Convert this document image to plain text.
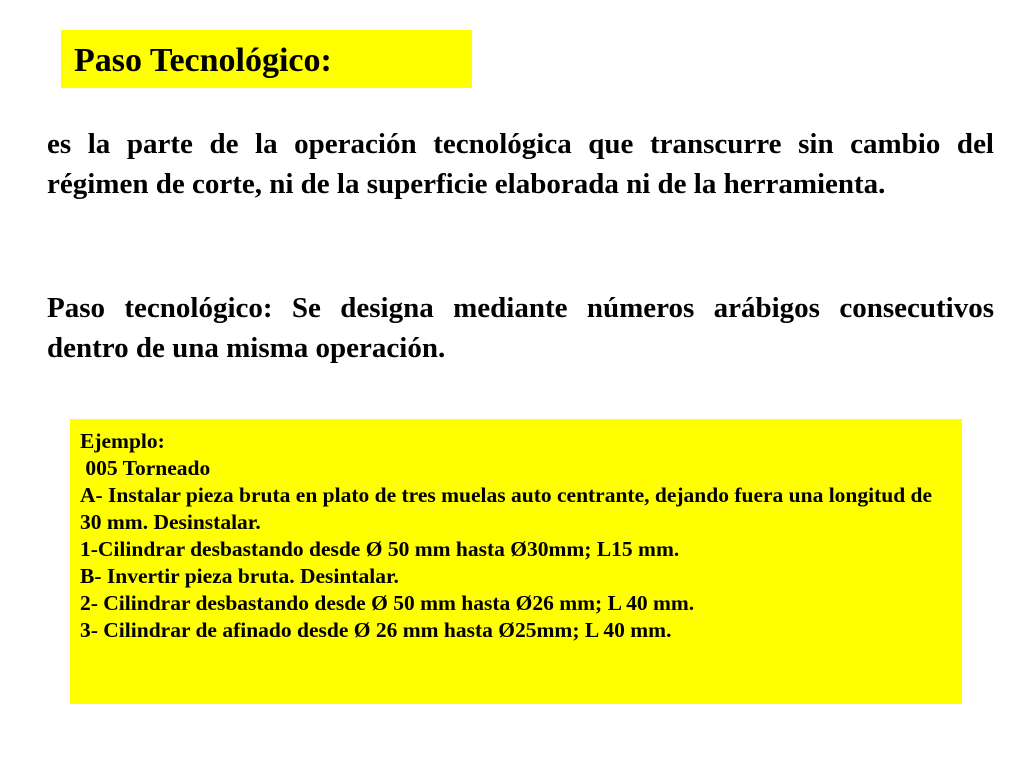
Paso Tecnológico:

es la parte de la operación tecnológica que transcurre sin cambio del régimen de corte, ni de la superficie elaborada ni de la herramienta.

Paso tecnológico: Se designa mediante números arábigos consecutivos dentro de una misma operación.

Ejemplo:
005 Torneado
A- Instalar pieza bruta en plato de tres muelas auto centrante, dejando fuera una longitud de 30 mm. Desinstalar.
1-Cilindrar desbastando desde Ø 50 mm hasta Ø30mm; L15 mm.
B- Invertir pieza bruta. Desintalar.
2- Cilindrar desbastando desde Ø 50 mm hasta Ø26 mm; L 40 mm.
3- Cilindrar de afinado desde Ø 26 mm hasta Ø25mm; L 40 mm.
